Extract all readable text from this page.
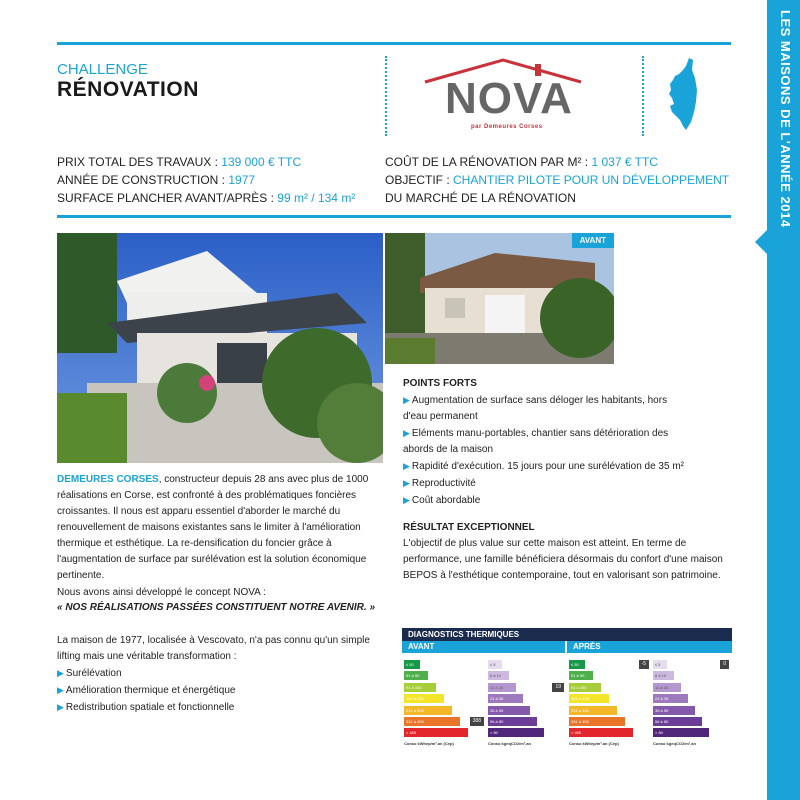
LES MAISONS DE L'ANNÉE 2014
CHALLENGE
RÉNOVATION	NOVA
par Demeures Corses
PRIX TOTAL DES TRAVAUX : 139 000 € TTC
ANNÉE DE CONSTRUCTION : 1977
SURFACE PLANCHER AVANT/APRÈS : 99 m² / 134 m²
COÛT DE LA RÉNOVATION PAR M² : 1 037 € TTC
OBJECTIF : CHANTIER PILOTE POUR UN DÉVELOPPEMENT
DU MARCHÉ DE LA RÉNOVATION
AVANT
DEMEURES CORSES, constructeur depuis 28 ans avec plus de 1000 réalisations en Corse, est confronté à des problématiques foncières croissantes. Il nous est apparu essentiel d'aborder le marché du renouvellement de maisons existantes sans le limiter à l'amélioration thermique et esthétique. La re-densification du foncier grâce à l'augmentation de surface par surélévation est la solution économique pertinente.
Nous avons ainsi développé le concept NOVA :
« NOS RÉALISATIONS PASSÉES CONSTITUENT NOTRE AVENIR. »
La maison de 1977, localisée à Vescovato, n'a pas connu qu'un simple lifting mais une véritable transformation :
▶ Surélévation
▶ Amélioration thermique et énergétique
▶ Redistribution spatiale et fonctionnelle
POINTS FORTS
▶ Augmentation de surface sans déloger les habitants, hors d'eau permanent
▶ Eléments manu-portables, chantier sans détérioration des abords de la maison
▶ Rapidité d'exécution. 15 jours pour une surélévation de 35 m²
▶ Reproductivité
▶ Coût abordable
RÉSULTAT EXCEPTIONNEL
L'objectif de plus value sur cette maison est atteint. En terme de performance, une famille bénéficiera désormais du confort d'une maison BEPOS à l'esthétique contemporaine, tout en valorisant son patrimoine.
DIAGNOSTICS THERMIQUES
AVANT	APRÈS
≤ 50
51 à 90
91 à 150
151 à 230
231 à 330
331 à 450
> 450
388
≤ 5
6 à 10
11 à 20
21 à 35
36 à 55
56 à 80
> 80
19
≤ 50
51 à 90
91 à 150
151 à 230
231 à 330
331 à 450
> 450
-5	≤ 5
6 à 10
11 à 20
21 à 35
36 à 55
56 à 80
> 80
0
Conso kWhep/m².an (Cep)	Conso kgeqCO2/m².an	Conso kWhep/m².an (Cep)	Conso kgeqCO2/m².an
